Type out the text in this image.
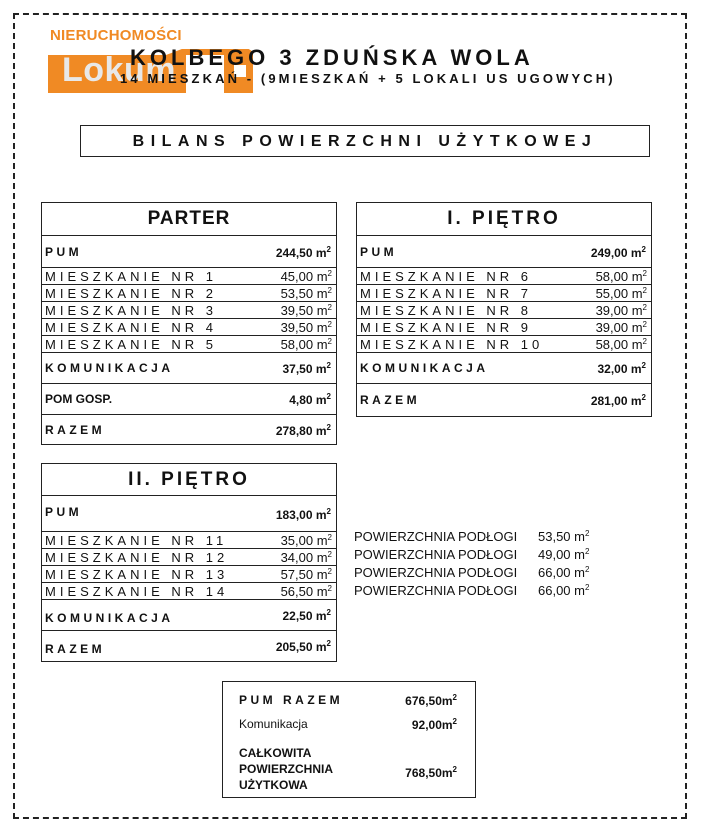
NIERUCHOMOŚCI
Lokum
KOLBEGO 3 ZDUŃSKA WOLA
14 MIESZKAŃ - (9MIESZKAŃ + 5 LOKALI US UGOWYCH)
BILANS POWIERZCHNI UŻYTKOWEJ
PARTER
PUM	244,50 $m^2$
MIESZKANIE NR 1	45,00 $m^2$
MIESZKANIE NR 2	53,50 $m^2$
MIESZKANIE NR 3	39,50 $m^2$
MIESZKANIE NR 4	39,50 $m^2$
MIESZKANIE NR 5	58,00 $m^2$
KOMUNIKACJA	37,50 $m^2$
POM GOSP.	4,80 $m^2$
RAZEM	278,80 $m^2$
I. PIĘTRO
PUM	249,00 $m^2$
MIESZKANIE NR 6	58,00 $m^2$
MIESZKANIE NR 7	55,00 $m^2$
MIESZKANIE NR 8	39,00 $m^2$
MIESZKANIE NR 9	39,00 $m^2$
MIESZKANIE NR 10	58,00 $m^2$
KOMUNIKACJA	32,00 $m^2$
RAZEM	281,00 $m^2$
II. PIĘTRO
PUM	183,00 $m^2$
MIESZKANIE NR 11	35,00 $m^2$
MIESZKANIE NR 12	34,00 $m^2$
MIESZKANIE NR 13	57,50 $m^2$
MIESZKANIE NR 14	56,50 $m^2$
KOMUNIKACJA	22,50 $m^2$
RAZEM	205,50 $m^2$
POWIERZCHNIA PODŁOGI 53,50 $m^2$
POWIERZCHNIA PODŁOGI 49,00 $m^2$
POWIERZCHNIA PODŁOGI 66,00 $m^2$
POWIERZCHNIA PODŁOGI 66,00 $m^2$
PUM RAZEM	$676,50m^2$
Komunikacja	$92,00m^2$
CAŁKOWITA
POWIERZCHNIA
UŻYTKOWA
$768,50m^2$
